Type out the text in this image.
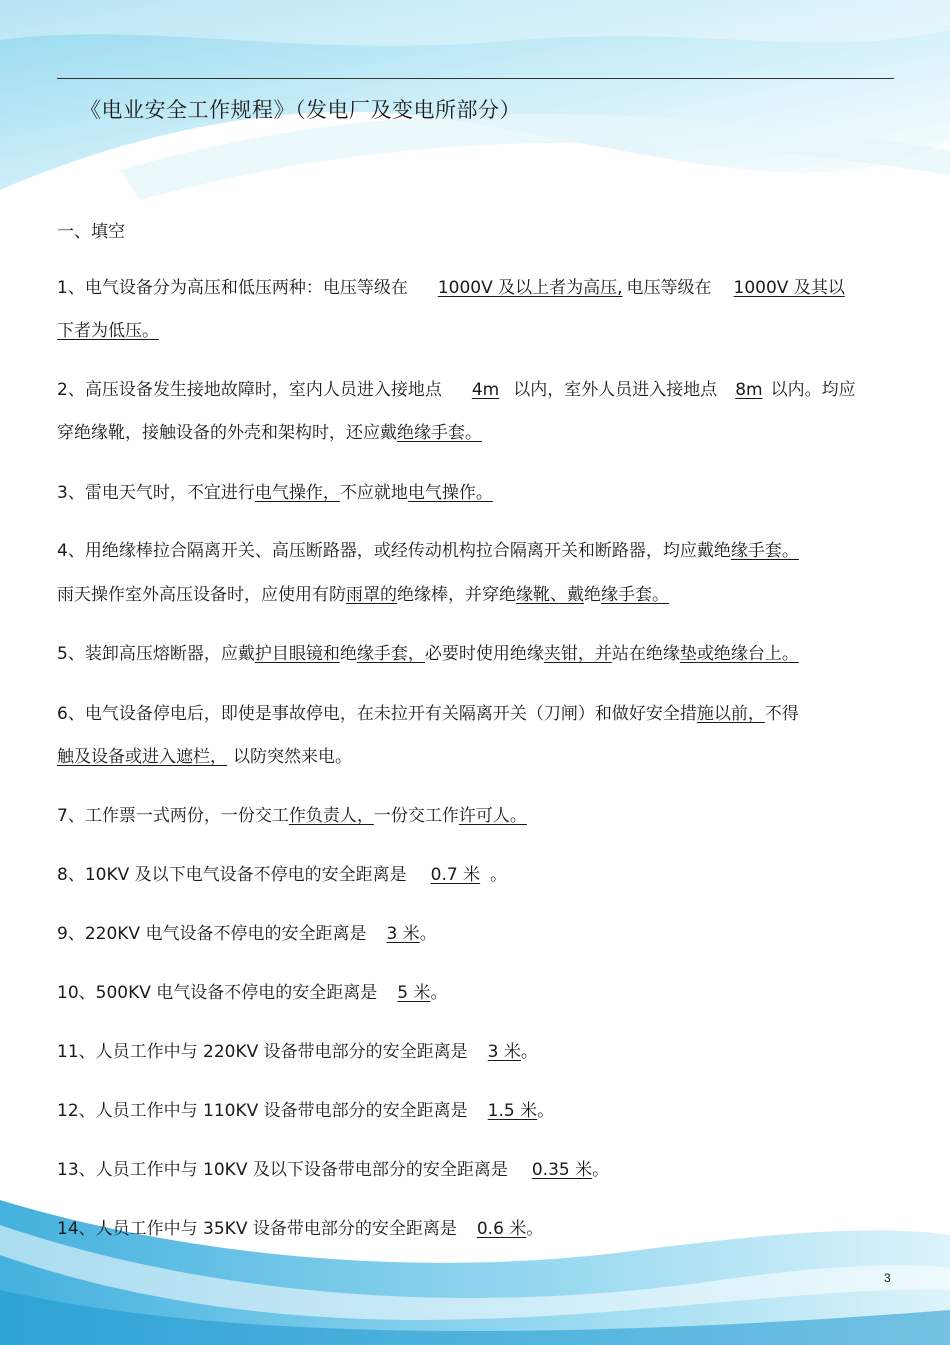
《电业安全工作规程》（发电厂及变电所部分）
一、填空
1、电气设备分为高压和低压两种：电压等级在 1000V 及以上者为高压, 电压等级在 1000V 及其以
下者为低压。
2、高压设备发生接地故障时，室内人员进入接地点 4m 以内，室外人员进入接地点 8m 以内。均应
穿绝缘靴，接触设备的外壳和架构时，还应戴绝缘手套。
3、雷电天气时，不宜进行电气操作，不应就地电气操作。
4、用绝缘棒拉合隔离开关、高压断路器，或经传动机构拉合隔离开关和断路器，均应戴绝缘手套。
雨天操作室外高压设备时，应使用有防雨罩的绝缘棒，并穿绝缘靴、戴绝缘手套。
5、装卸高压熔断器，应戴护目眼镜和绝缘手套，必要时使用绝缘夹钳，并站在绝缘垫或绝缘台上。
6、电气设备停电后，即使是事故停电，在未拉开有关隔离开关（刀闸）和做好安全措施以前，不得
触及设备或进入遮栏， 以防突然来电。
7、工作票一式两份，一份交工作负责人，一份交工作许可人。
8、10KV 及以下电气设备不停电的安全距离是 0.7 米 。
9、220KV 电气设备不停电的安全距离是 3 米。
10、500KV 电气设备不停电的安全距离是 5 米。
11、人员工作中与 220KV 设备带电部分的安全距离是 3 米。
12、人员工作中与 110KV 设备带电部分的安全距离是 1.5 米。
13、人员工作中与 10KV 及以下设备带电部分的安全距离是 0.35 米。
14、人员工作中与 35KV 设备带电部分的安全距离是 0.6 米。
3
